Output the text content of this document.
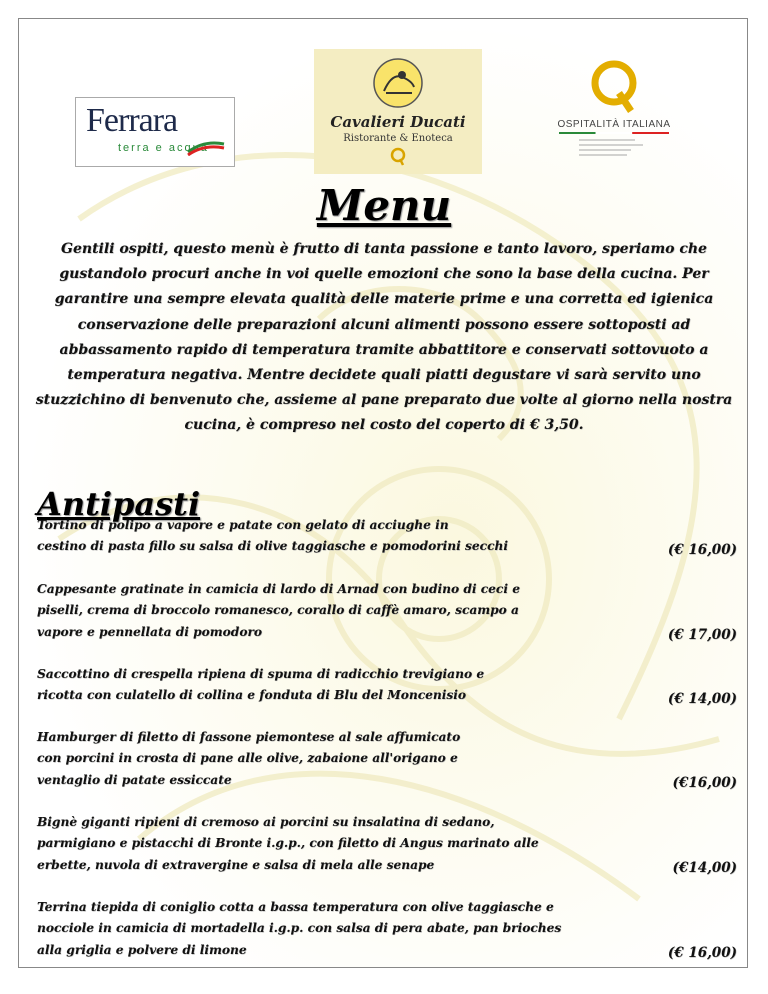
Ferrara
terra e acqua
Cavalieri Ducati
Ristorante & Enoteca
OSPITALITÀ ITALIANA
Menu
Gentili ospiti, questo menù è frutto di tanta passione e tanto lavoro, speriamo che gustandolo procuri anche in voi quelle emozioni che sono la base della cucina. Per garantire una sempre elevata qualità delle materie prime e una corretta ed igienica conservazione delle preparazioni alcuni alimenti possono essere sottoposti ad abbassamento rapido di temperatura tramite abbattitore e conservati sottovuoto a temperatura negativa. Mentre decidete quali piatti degustare vi sarà servito uno stuzzichino di benvenuto che, assieme al pane preparato due volte al giorno nella nostra cucina, è compreso nel costo del coperto di € 3,50.
Antipasti
Tortino di polipo a vapore e patate con gelato di acciughe in
cestino di pasta fillo su salsa di olive taggiasche e pomodorini secchi	(€ 16,00)
Cappesante gratinate in camicia di lardo di Arnad con budino di ceci e
piselli, crema di broccolo romanesco, corallo di caffè amaro, scampo a
vapore e pennellata di pomodoro	(€ 17,00)
Saccottino di crespella ripiena di spuma di radicchio trevigiano e
ricotta con culatello di collina e fonduta di Blu del Moncenisio	(€ 14,00)
Hamburger di filetto di fassone piemontese al sale affumicato
con porcini in crosta di pane alle olive, zabaione all'origano e
ventaglio di patate essiccate	(€16,00)
Bignè giganti ripieni di cremoso ai porcini su insalatina di sedano,
parmigiano e pistacchi di Bronte i.g.p., con filetto di Angus marinato alle
erbette, nuvola di extravergine e salsa di mela alle senape	(€14,00)
Terrina tiepida di coniglio cotta a bassa temperatura con olive taggiasche e
nocciole in camicia di mortadella i.g.p. con salsa di pera abate, pan brioches
alla griglia e polvere di limone	(€ 16,00)
